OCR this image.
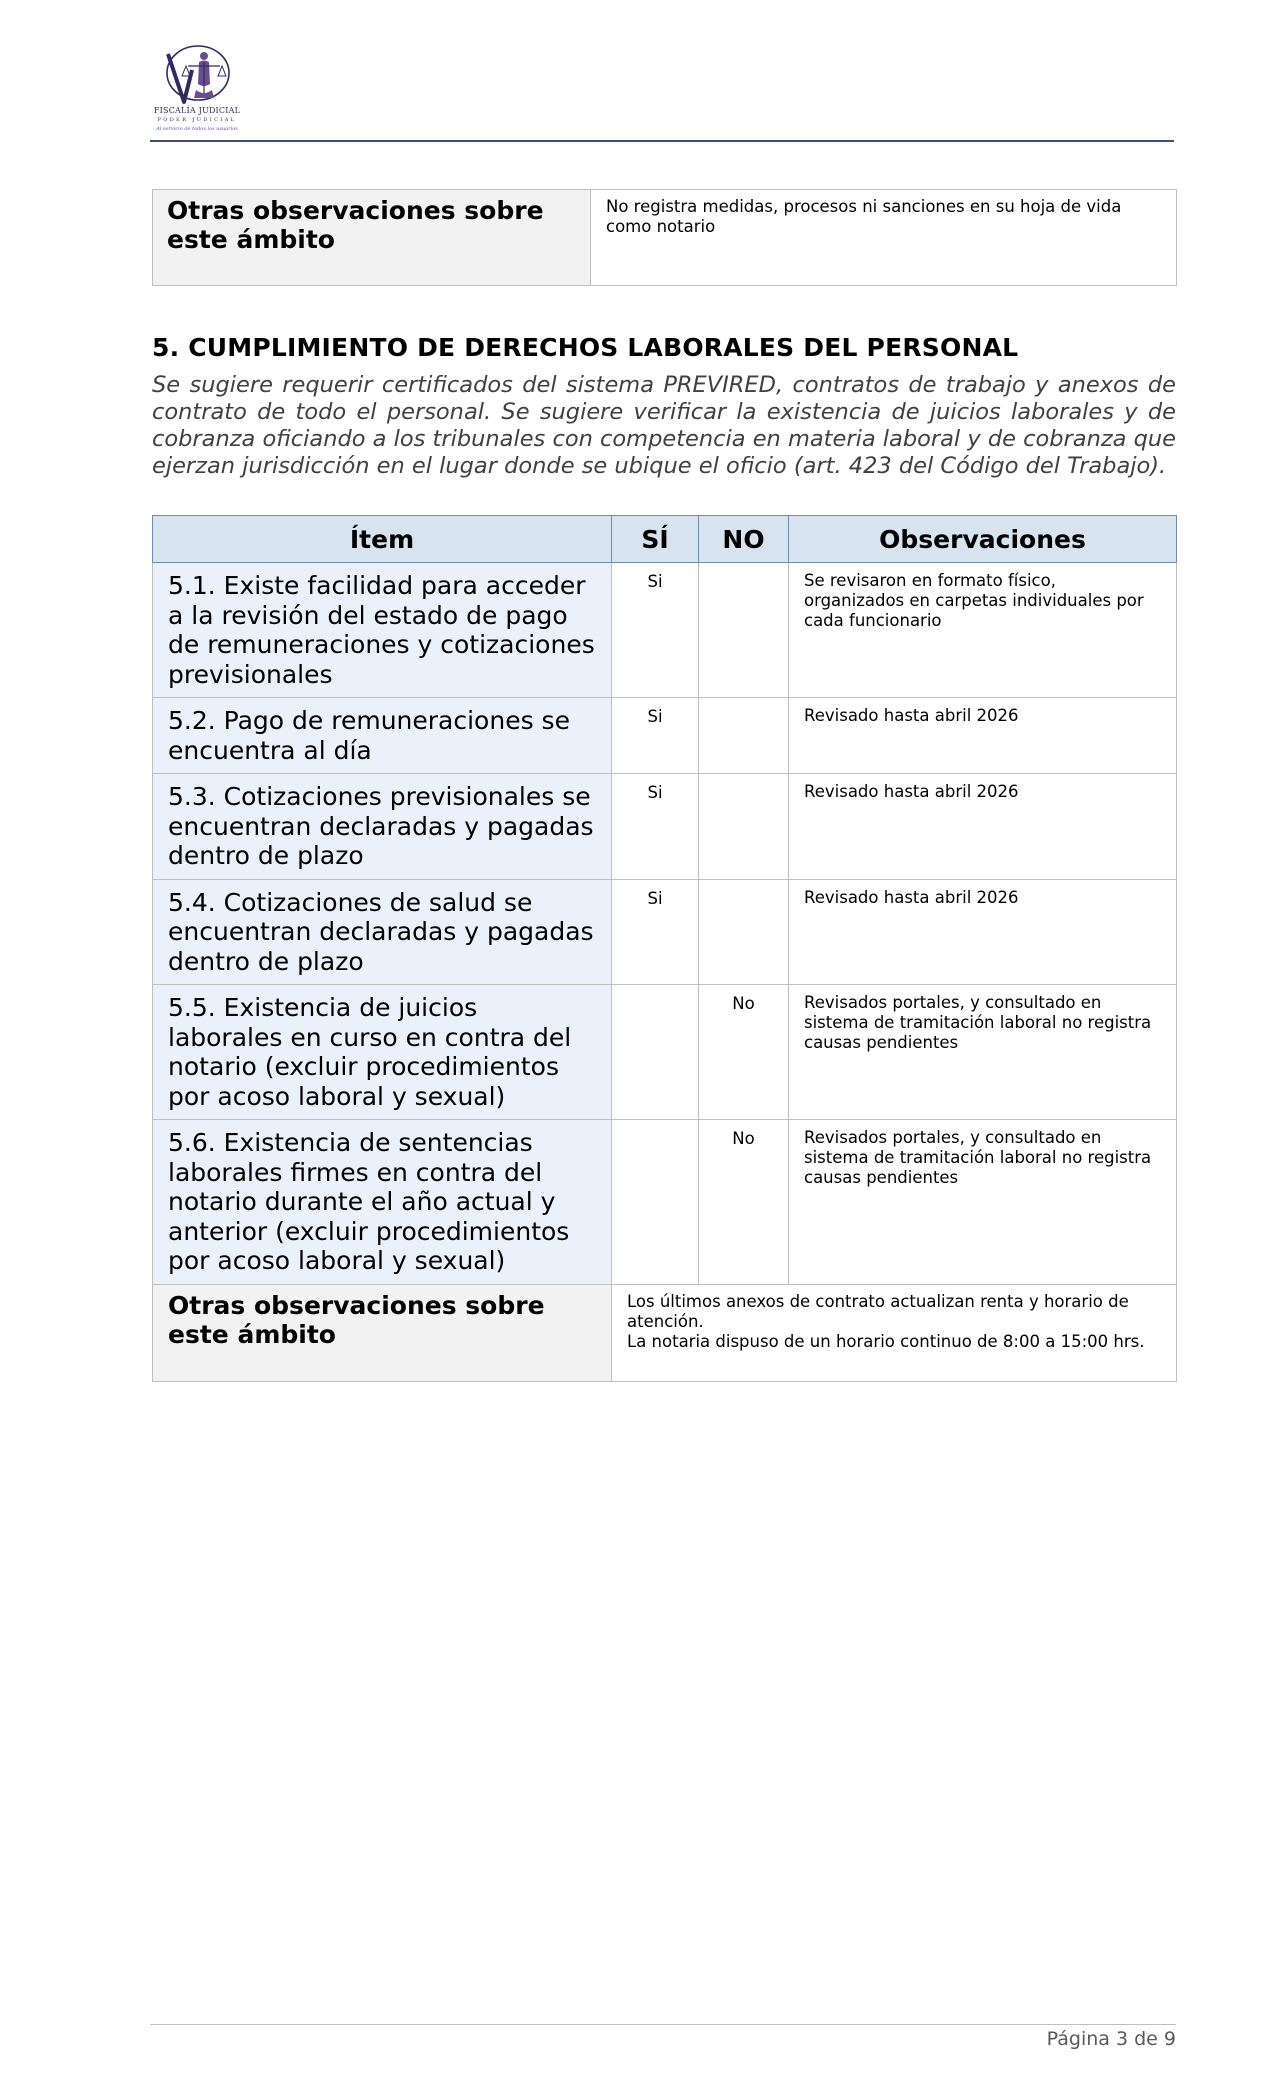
FISCALÍA JUDICIAL
PODER JUDICIAL
Al servicio de todos los usuarios
Otras observaciones sobre este ámbito	No registra medidas, procesos ni sanciones en su hoja de vida como notario
5. CUMPLIMIENTO DE DERECHOS LABORALES DEL PERSONAL
Se sugiere requerir certificados del sistema PREVIRED, contratos de trabajo y anexos de contrato de todo el personal. Se sugiere verificar la existencia de juicios laborales y de cobranza oficiando a los tribunales con competencia en materia laboral y de cobranza que ejerzan jurisdicción en el lugar donde se ubique el oficio (art. 423 del Código del Trabajo).
Ítem	SÍ	NO	Observaciones
5.1. Existe facilidad para acceder a la revisión del estado de pago de remuneraciones y cotizaciones previsionales	Si		Se revisaron en formato físico, organizados en carpetas individuales por cada funcionario
5.2. Pago de remuneraciones se encuentra al día	Si		Revisado hasta abril 2026
5.3. Cotizaciones previsionales se encuentran declaradas y pagadas dentro de plazo	Si		Revisado hasta abril 2026
5.4. Cotizaciones de salud se encuentran declaradas y pagadas dentro de plazo	Si		Revisado hasta abril 2026
5.5. Existencia de juicios laborales en curso en contra del notario (excluir procedimientos por acoso laboral y sexual)		No	Revisados portales, y consultado en sistema de tramitación laboral no registra causas pendientes
5.6. Existencia de sentencias laborales firmes en contra del notario durante el año actual y anterior (excluir procedimientos por acoso laboral y sexual)		No	Revisados portales, y consultado en sistema de tramitación laboral no registra causas pendientes
Otras observaciones sobre este ámbito	Los últimos anexos de contrato actualizan renta y horario de atención.
La notaria dispuso de un horario continuo de 8:00 a 15:00 hrs.		
Página 3 de 9
